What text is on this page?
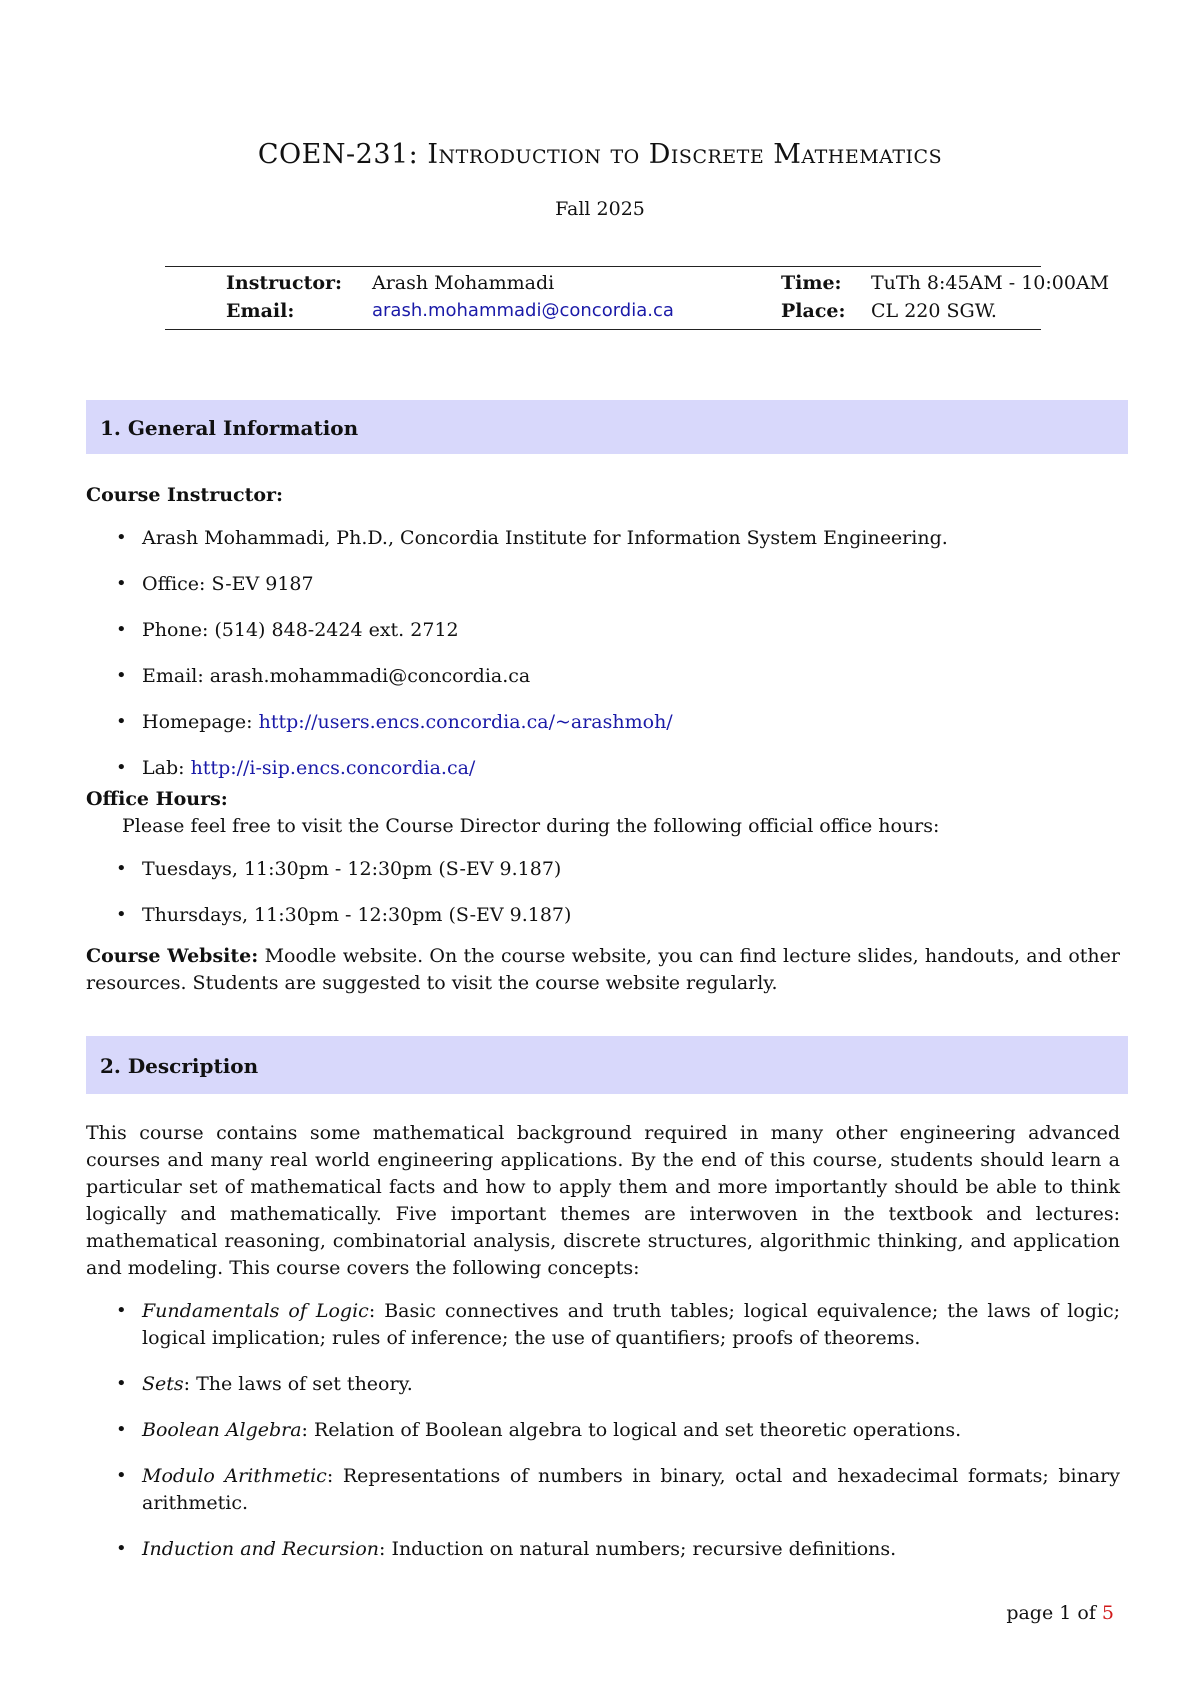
COEN-231: Introduction to Discrete Mathematics
Fall 2025
Instructor: Arash Mohammadi	Time: TuTh 8:45AM - 10:00AM
Email:	arash.mohammadi@concordia.ca	Place: CL 220 SGW.
1. General Information
Course Instructor:
• Arash Mohammadi, Ph.D., Concordia Institute for Information System Engineering.
• Office: S-EV 9187
• Phone: (514) 848-2424 ext. 2712
• Email: arash.mohammadi@concordia.ca
• Homepage: http://users.encs.concordia.ca/~arashmoh/
• Lab: http://i-sip.encs.concordia.ca/
Office Hours:
Please feel free to visit the Course Director during the following official office hours:
• Tuesdays, 11:30pm - 12:30pm (S-EV 9.187)
• Thursdays, 11:30pm - 12:30pm (S-EV 9.187)
Course Website: Moodle website. On the course website, you can find lecture slides, handouts, and other resources. Students are suggested to visit the course website regularly.
2. Description
This course contains some mathematical background required in many other engineering advanced courses and many real world engineering applications. By the end of this course, students should learn a particular set of mathematical facts and how to apply them and more importantly should be able to think logically and mathematically. Five important themes are interwoven in the textbook and lectures: mathematical reasoning, combinatorial analysis, discrete structures, algorithmic thinking, and application and modeling. This course covers the following concepts:
• Fundamentals of Logic: Basic connectives and truth tables; logical equivalence; the laws of logic; logical implication; rules of inference; the use of quantifiers; proofs of theorems.
• Sets: The laws of set theory.
• Boolean Algebra: Relation of Boolean algebra to logical and set theoretic operations.
• Modulo Arithmetic: Representations of numbers in binary, octal and hexadecimal formats; binary arithmetic.
• Induction and Recursion: Induction on natural numbers; recursive definitions.
page 1 of 5
